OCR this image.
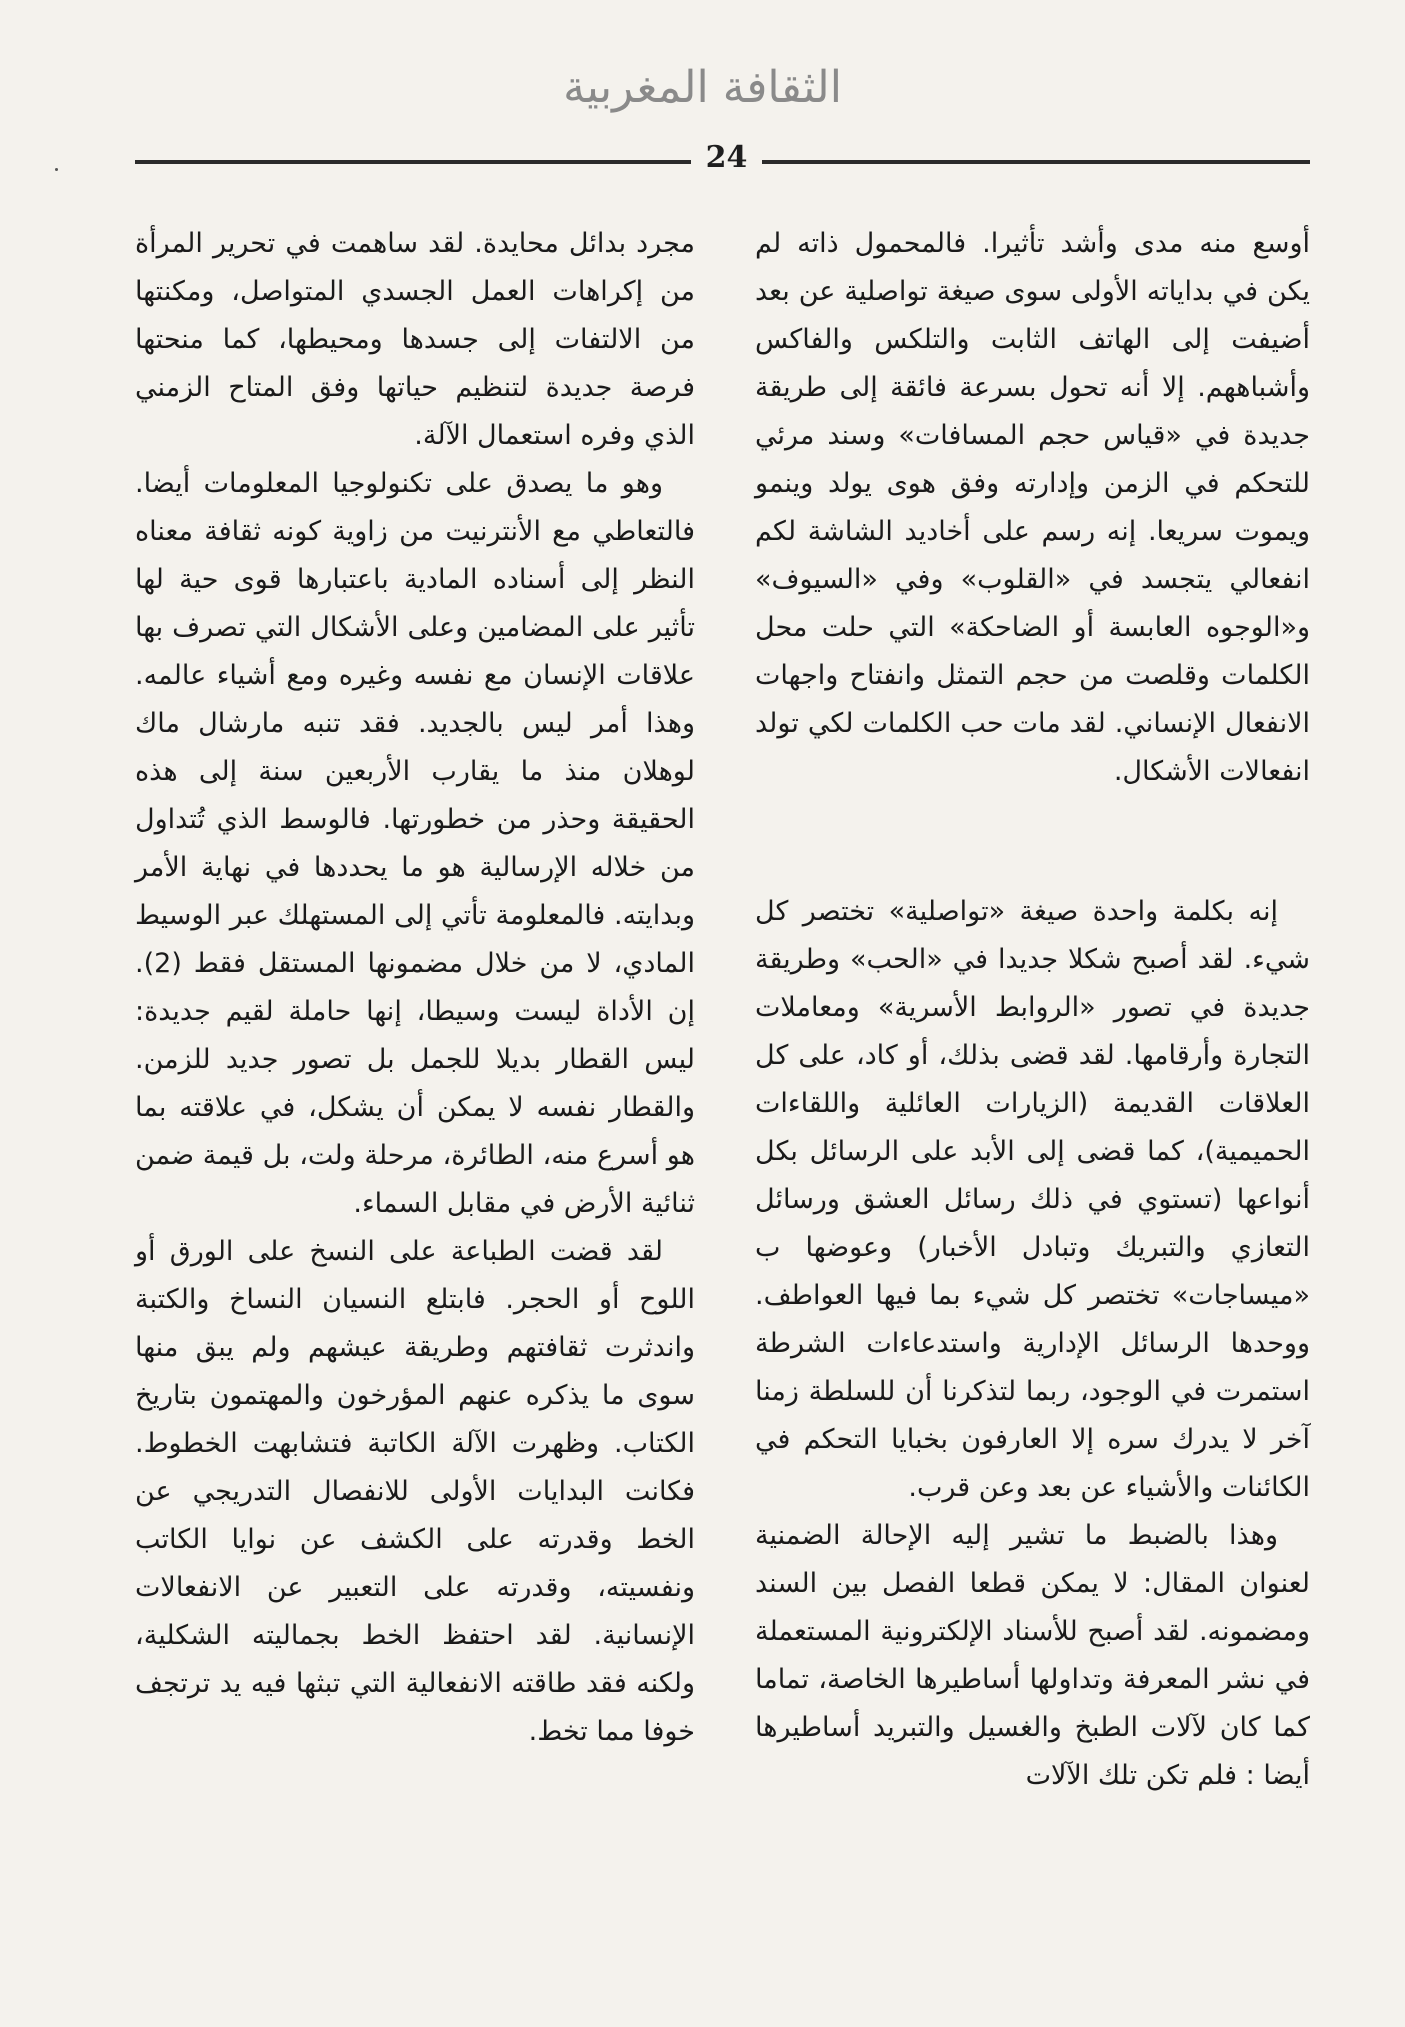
الثقافة المغربية
24

أوسع منه مدى وأشد تأثيرا. فالمحمول ذاته لم يكن في بداياته الأولى سوى صيغة تواصلية عن بعد أضيفت إلى الهاتف الثابت والتلكس والفاكس وأشباههم. إلا أنه تحول بسرعة فائقة إلى طريقة جديدة في «قياس حجم المسافات» وسند مرئي للتحكم في الزمن وإدارته وفق هوى يولد وينمو ويموت سريعا. إنه رسم على أخاديد الشاشة لكم انفعالي يتجسد في «القلوب» وفي «السيوف» و«الوجوه العابسة أو الضاحكة» التي حلت محل الكلمات وقلصت من حجم التمثل وانفتاح واجهات الانفعال الإنساني. لقد مات حب الكلمات لكي تولد انفعالات الأشكال.

إنه بكلمة واحدة صيغة «تواصلية» تختصر كل شيء. لقد أصبح شكلا جديدا في «الحب» وطريقة جديدة في تصور «الروابط الأسرية» ومعاملات التجارة وأرقامها. لقد قضى بذلك، أو كاد، على كل العلاقات القديمة (الزيارات العائلية واللقاءات الحميمية)، كما قضى إلى الأبد على الرسائل بكل أنواعها (تستوي في ذلك رسائل العشق ورسائل التعازي والتبريك وتبادل الأخبار) وعوضها ب «ميساجات» تختصر كل شيء بما فيها العواطف. ووحدها الرسائل الإدارية واستدعاءات الشرطة استمرت في الوجود، ربما لتذكرنا أن للسلطة زمنا آخر لا يدرك سره إلا العارفون بخبايا التحكم في الكائنات والأشياء عن بعد وعن قرب.

وهذا بالضبط ما تشير إليه الإحالة الضمنية لعنوان المقال: لا يمكن قطعا الفصل بين السند ومضمونه. لقد أصبح للأسناد الإلكترونية المستعملة في نشر المعرفة وتداولها أساطيرها الخاصة، تماما كما كان لآلات الطبخ والغسيل والتبريد أساطيرها أيضا : فلم تكن تلك الآلات

مجرد بدائل محايدة. لقد ساهمت في تحرير المرأة من إكراهات العمل الجسدي المتواصل، ومكنتها من الالتفات إلى جسدها ومحيطها، كما منحتها فرصة جديدة لتنظيم حياتها وفق المتاح الزمني الذي وفره استعمال الآلة.

وهو ما يصدق على تكنولوجيا المعلومات أيضا. فالتعاطي مع الأنترنيت من زاوية كونه ثقافة معناه النظر إلى أسناده المادية باعتبارها قوى حية لها تأثير على المضامين وعلى الأشكال التي تصرف بها علاقات الإنسان مع نفسه وغيره ومع أشياء عالمه. وهذا أمر ليس بالجديد. فقد تنبه مارشال ماك لوهلان منذ ما يقارب الأربعين سنة إلى هذه الحقيقة وحذر من خطورتها. فالوسط الذي تُتداول من خلاله الإرسالية هو ما يحددها في نهاية الأمر وبدايته. فالمعلومة تأتي إلى المستهلك عبر الوسيط المادي، لا من خلال مضمونها المستقل فقط (2). إن الأداة ليست وسيطا، إنها حاملة لقيم جديدة: ليس القطار بديلا للجمل بل تصور جديد للزمن. والقطار نفسه لا يمكن أن يشكل، في علاقته بما هو أسرع منه، الطائرة، مرحلة ولت، بل قيمة ضمن ثنائية الأرض في مقابل السماء.

لقد قضت الطباعة على النسخ على الورق أو اللوح أو الحجر. فابتلع النسيان النساخ والكتبة واندثرت ثقافتهم وطريقة عيشهم ولم يبق منها سوى ما يذكره عنهم المؤرخون والمهتمون بتاريخ الكتاب. وظهرت الآلة الكاتبة فتشابهت الخطوط. فكانت البدايات الأولى للانفصال التدريجي عن الخط وقدرته على الكشف عن نوايا الكاتب ونفسيته، وقدرته على التعبير عن الانفعالات الإنسانية. لقد احتفظ الخط بجماليته الشكلية، ولكنه فقد طاقته الانفعالية التي تبثها فيه يد ترتجف خوفا مما تخط.
